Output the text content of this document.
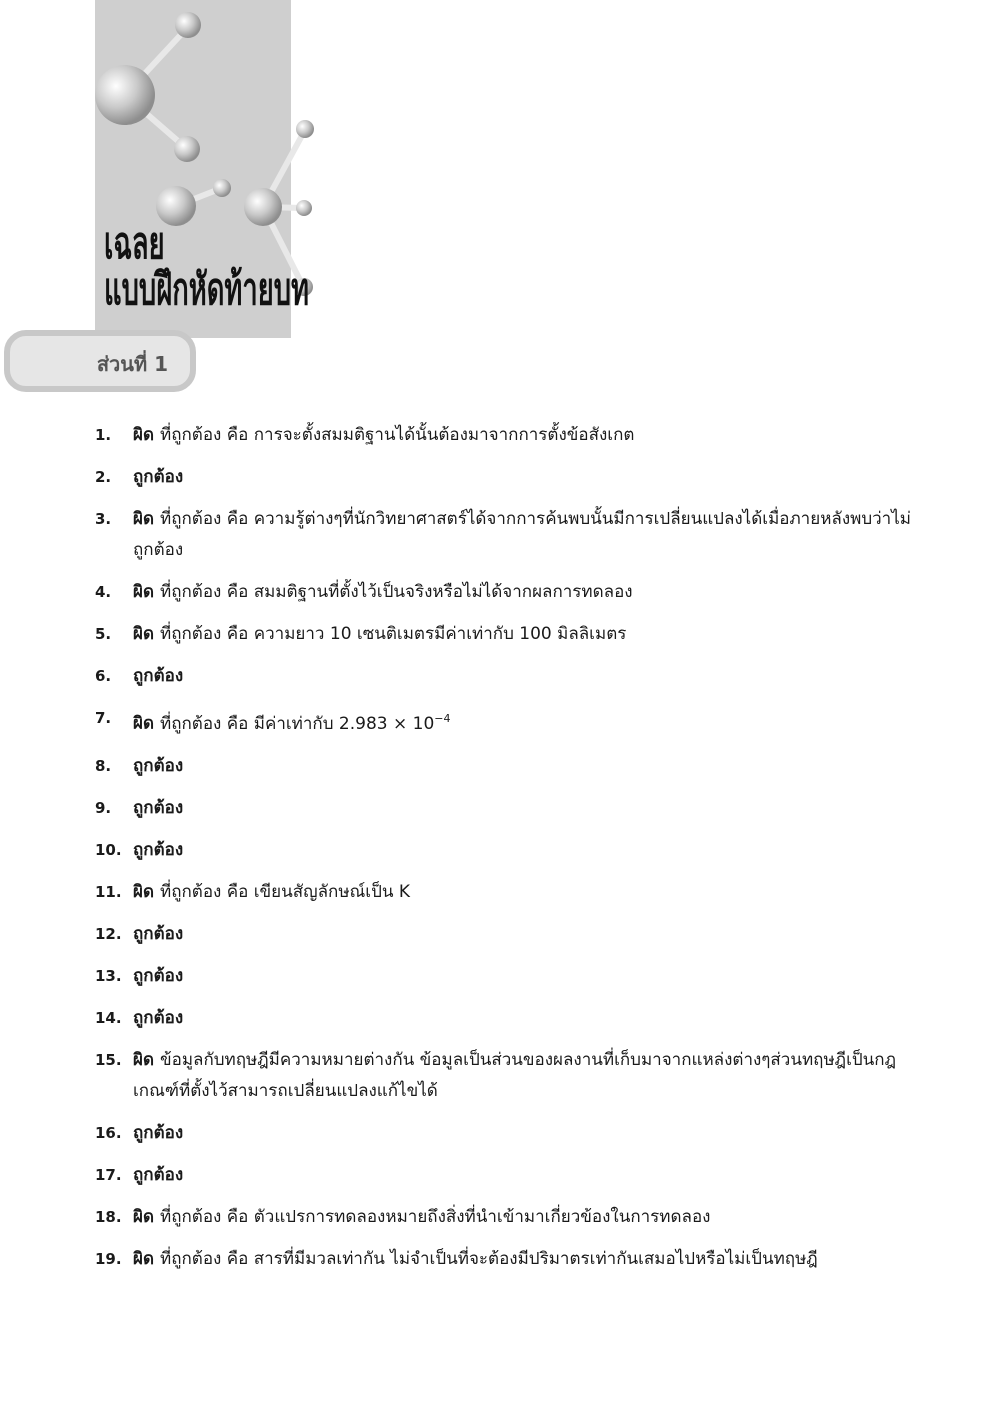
เฉลย
แบบฝึกหัดท้ายบท
ส่วนที่ 1
1. ผิด ที่ถูกต้อง คือ การจะตั้งสมมติฐานได้นั้นต้องมาจากการตั้งข้อสังเกต
2. ถูกต้อง
3. ผิด ที่ถูกต้อง คือ ความรู้ต่างๆที่นักวิทยาศาสตร์ได้จากการค้นพบนั้นมีการเปลี่ยนแปลงได้เมื่อภายหลังพบว่าไม่ถูกต้อง
4. ผิด ที่ถูกต้อง คือ สมมติฐานที่ตั้งไว้เป็นจริงหรือไม่ได้จากผลการทดลอง
5. ผิด ที่ถูกต้อง คือ ความยาว 10 เซนติเมตรมีค่าเท่ากับ 100 มิลลิเมตร
6. ถูกต้อง
7. ผิด ที่ถูกต้อง คือ มีค่าเท่ากับ $2.983 \times 10^{-4}$
8. ถูกต้อง
9. ถูกต้อง
10. ถูกต้อง
11. ผิด ที่ถูกต้อง คือ เขียนสัญลักษณ์เป็น K
12. ถูกต้อง
13. ถูกต้อง
14. ถูกต้อง
15. ผิด ข้อมูลกับทฤษฎีมีความหมายต่างกัน ข้อมูลเป็นส่วนของผลงานที่เก็บมาจากแหล่งต่างๆส่วนทฤษฎีเป็นกฎเกณฑ์ที่ตั้งไว้สามารถเปลี่ยนแปลงแก้ไขได้
16. ถูกต้อง
17. ถูกต้อง
18. ผิด ที่ถูกต้อง คือ ตัวแปรการทดลองหมายถึงสิ่งที่นำเข้ามาเกี่ยวข้องในการทดลอง
19. ผิด ที่ถูกต้อง คือ สารที่มีมวลเท่ากัน ไม่จำเป็นที่จะต้องมีปริมาตรเท่ากันเสมอไปหรือไม่เป็นทฤษฎี
